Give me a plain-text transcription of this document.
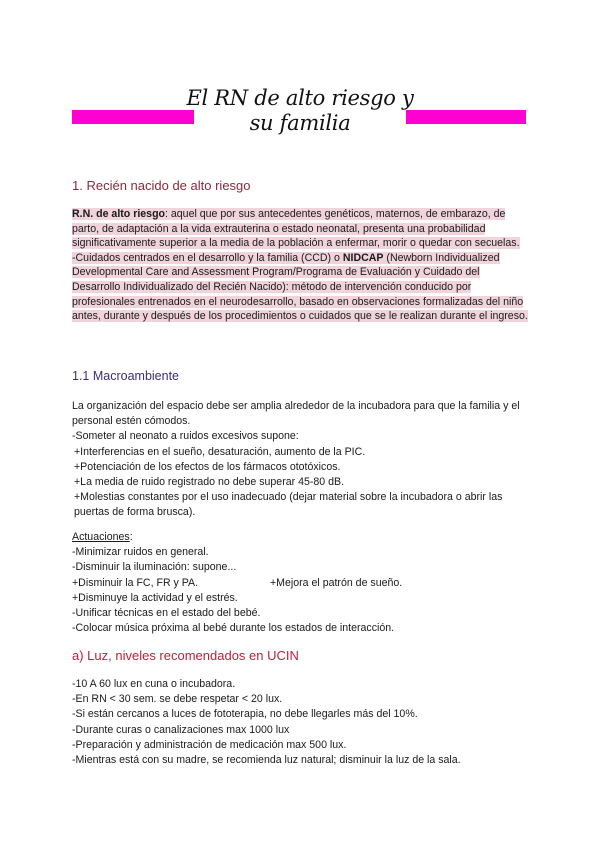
El RN de alto riesgo y
su familia
1. Recién nacido de alto riesgo

R.N. de alto riesgo: aquel que por sus antecedentes genéticos, maternos, de embarazo, de parto, de adaptación a la vida extrauterina o estado neonatal, presenta una probabilidad significativamente superior a la media de la población a enfermar, morir o quedar con secuelas.

-Cuidados centrados en el desarrollo y la familia (CCD) o NIDCAP (Newborn Individualized Developmental Care and Assessment Program/Programa de Evaluación y Cuidado del Desarrollo Individualizado del Recién Nacido): método de intervención conducido por profesionales entrenados en el neurodesarrollo, basado en observaciones formalizadas del niño antes, durante y después de los procedimientos o cuidados que se le realizan durante el ingreso.

1.1 Macroambiente

La organización del espacio debe ser amplia alrededor de la incubadora para que la familia y el personal estén cómodos.

-Someter al neonato a ruidos excesivos supone:

+Interferencias en el sueño, desaturación, aumento de la PIC.

+Potenciación de los efectos de los fármacos ototóxicos.

+La media de ruido registrado no debe superar 45-80 dB.

+Molestias constantes por el uso inadecuado (dejar material sobre la incubadora o abrir las puertas de forma brusca).

Actuaciones:

-Minimizar ruidos en general.

-Disminuir la iluminación: supone...

+Disminuir la FC, FR y PA.	+Mejora el patrón de sueño.

+Disminuye la actividad y el estrés.

-Unificar técnicas en el estado del bebé.

-Colocar música próxima al bebé durante los estados de interacción.

a) Luz, niveles recomendados en UCIN

-10 A 60 lux en cuna o incubadora.

-En RN < 30 sem. se debe respetar < 20 lux.

-Si están cercanos a luces de fototerapia, no debe llegarles más del 10%.

-Durante curas o canalizaciones max 1000 lux

-Preparación y administración de medicación max 500 lux.

-Mientras está con su madre, se recomienda luz natural; disminuir la luz de la sala.
